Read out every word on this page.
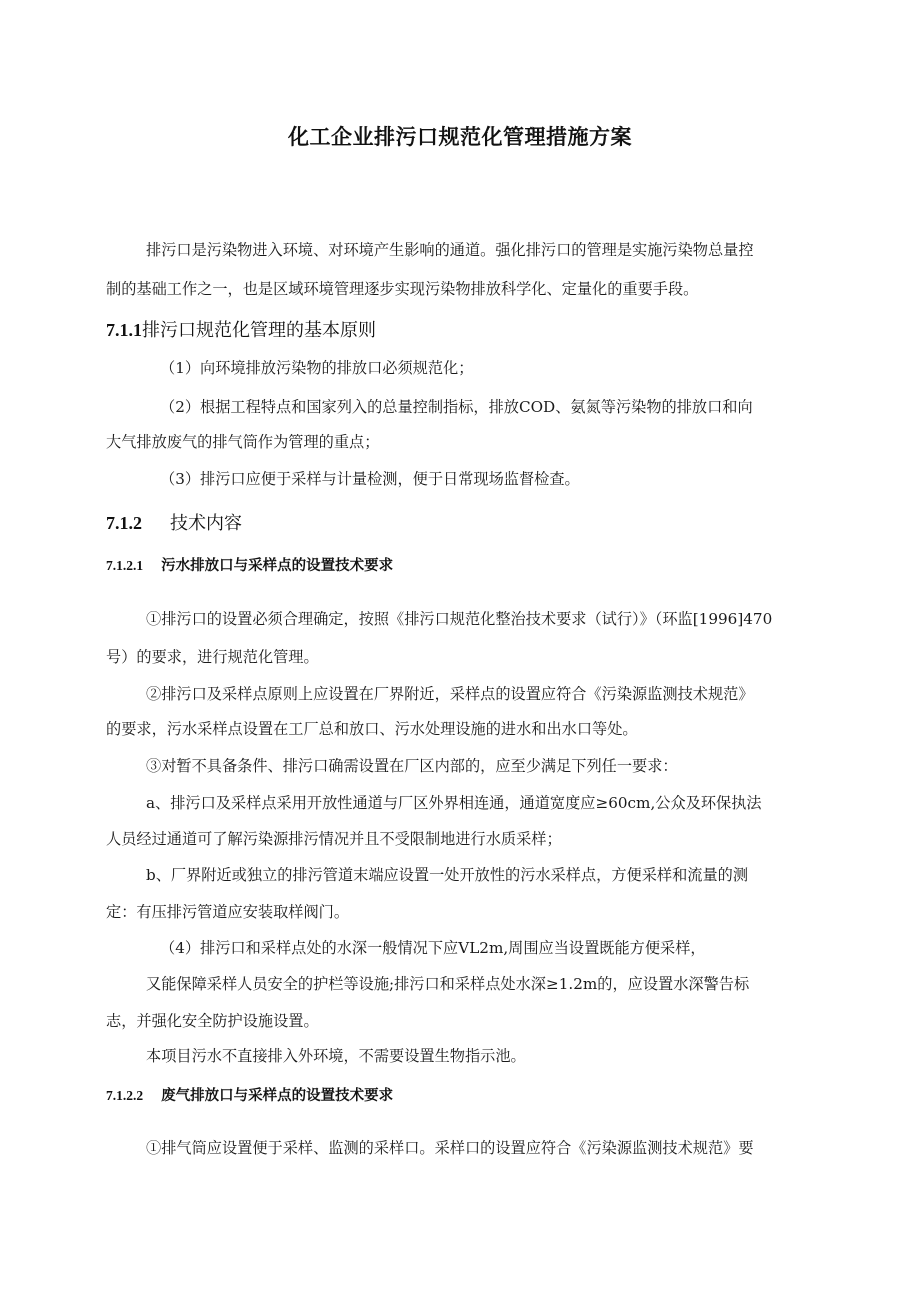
化工企业排污口规范化管理措施方案
排污口是污染物进入环境、对环境产生影响的通道。强化排污口的管理是实施污染物总量控
制的基础工作之一，也是区域环境管理逐步实现污染物排放科学化、定量化的重要手段。
7.1.1排污口规范化管理的基本原则
（1）向环境排放污染物的排放口必须规范化；
（2）根据工程特点和国家列入的总量控制指标，排放COD、氨氮等污染物的排放口和向
大气排放废气的排气筒作为管理的重点；
（3）排污口应便于采样与计量检测，便于日常现场监督检查。
7.1.2 技术内容
7.1.2.1 污水排放口与采样点的设置技术要求
①排污口的设置必须合理确定，按照《排污口规范化整治技术要求（试行）》（环监[1996]470
号）的要求，进行规范化管理。
②排污口及采样点原则上应设置在厂界附近，采样点的设置应符合《污染源监测技术规范》
的要求，污水采样点设置在工厂总和放口、污水处理设施的进水和出水口等处。
③对暂不具备条件、排污口确需设置在厂区内部的，应至少满足下列任一要求：
a、排污口及采样点采用开放性通道与厂区外界相连通，通道宽度应≥60cm,公众及环保执法
人员经过通道可了解污染源排污情况并且不受限制地进行水质采样；
b、厂界附近或独立的排污管道末端应设置一处开放性的污水采样点，方便采样和流量的测
定：有压排污管道应安装取样阀门。
（4）排污口和采样点处的水深一般情况下应VL2m,周围应当设置既能方便采样，
又能保障采样人员安全的护栏等设施;排污口和采样点处水深≥1.2m的，应设置水深警告标
志，并强化安全防护设施设置。
本项目污水不直接排入外环境，不需要设置生物指示池。
7.1.2.2 废气排放口与采样点的设置技术要求
①排气筒应设置便于采样、监测的采样口。采样口的设置应符合《污染源监测技术规范》要
